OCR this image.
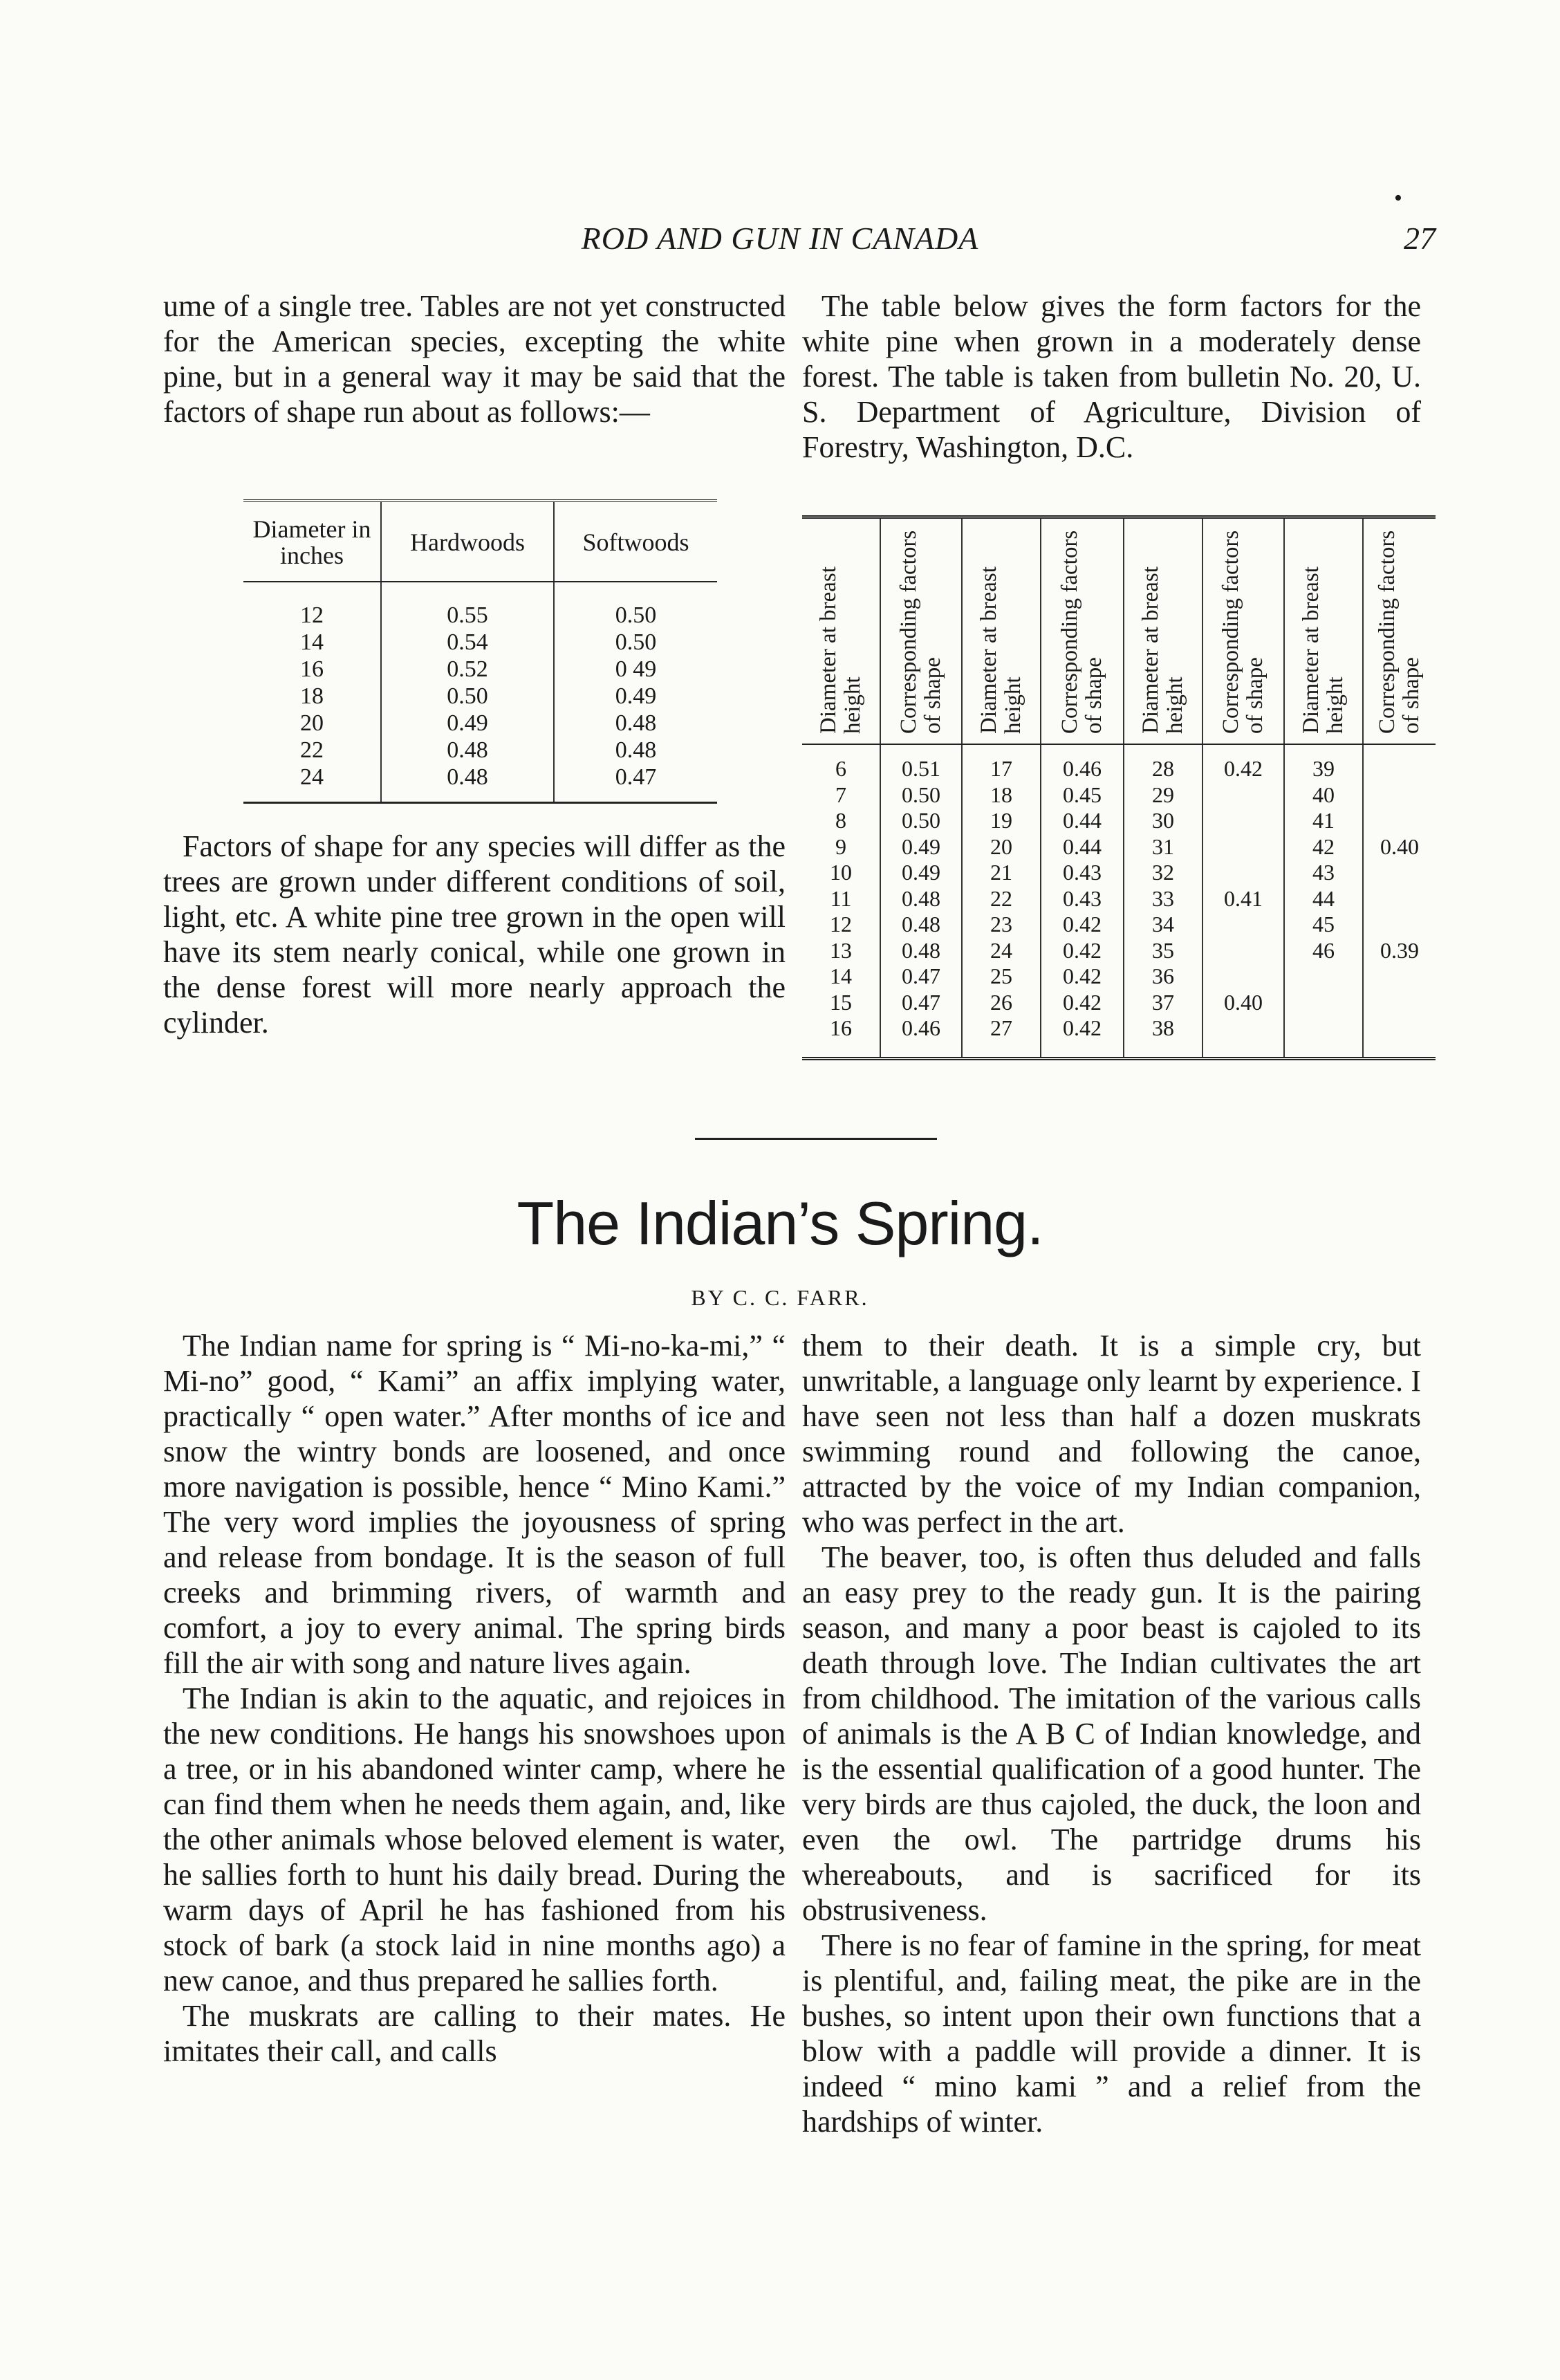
•
ROD AND GUN IN CANADA	27

ume of a single tree. Tables are not yet constructed for the American species, excepting the white pine, but in a general way it may be said that the factors of shape run about as follows:—

The table below gives the form factors for the white pine when grown in a moderately dense forest. The table is taken from bulletin No. 20, U. S. Department of Agriculture, Division of Forestry, Washington, D.C.

Diameter in inches	Hardwoods	Softwoods
12	0.55	0.50
14	0.54	0.50
16	0.52	0 49
18	0.50	0.49
20	0.49	0.48
22	0.48	0.48
24	0.48	0.47

Factors of shape for any species will differ as the trees are grown under different conditions of soil, light, etc. A white pine tree grown in the open will have its stem nearly conical, while one grown in the dense forest will more nearly approach the cylinder.

Diameter at breast height	Corresponding factors of shape	Diameter at breast height	Corresponding factors of shape	Diameter at breast height	Corresponding factors of shape	Diameter at breast height	Corresponding factors of shape

6	0.51	17	0.46	28	0.42	39	
7	0.50	18	0.45	29		40	
8	0.50	19	0.44	30		41	
9	0.49	20	0.44	31		42	0.40
10	0.49	21	0.43	32		43	
11	0.48	22	0.43	33	0.41	44	
12	0.48	23	0.42	34		45	
13	0.48	24	0.42	35		46	0.39
14	0.47	25	0.42	36			
15	0.47	26	0.42	37	0.40		
16	0.46	27	0.42	38			
The Indian’s Spring.
BY C. C. FARR.

The Indian name for spring is “ Mi-no-ka-mi,” “ Mi-no” good, “ Kami” an affix implying water, practically “ open water.” After months of ice and snow the wintry bonds are loosened, and once more navigation is possible, hence “ Mino Kami.” The very word implies the joyousness of spring and release from bondage. It is the season of full creeks and brimming rivers, of warmth and comfort, a joy to every animal. The spring birds fill the air with song and nature lives again.

The Indian is akin to the aquatic, and rejoices in the new conditions. He hangs his snowshoes upon a tree, or in his abandoned winter camp, where he can find them when he needs them again, and, like the other animals whose beloved element is water, he sallies forth to hunt his daily bread. During the warm days of April he has fashioned from his stock of bark (a stock laid in nine months ago) a new canoe, and thus prepared he sallies forth.

The muskrats are calling to their mates. He imitates their call, and calls

them to their death. It is a simple cry, but unwritable, a language only learnt by experience. I have seen not less than half a dozen muskrats swimming round and following the canoe, attracted by the voice of my Indian companion, who was perfect in the art.

The beaver, too, is often thus deluded and falls an easy prey to the ready gun. It is the pairing season, and many a poor beast is cajoled to its death through love. The Indian cultivates the art from childhood. The imitation of the various calls of animals is the A B C of Indian knowledge, and is the essential qualification of a good hunter. The very birds are thus cajoled, the duck, the loon and even the owl. The partridge drums his whereabouts, and is sacrificed for its obstrusiveness.

There is no fear of famine in the spring, for meat is plentiful, and, failing meat, the pike are in the bushes, so intent upon their own functions that a blow with a paddle will provide a dinner. It is indeed “ mino kami ” and a relief from the hardships of winter.
